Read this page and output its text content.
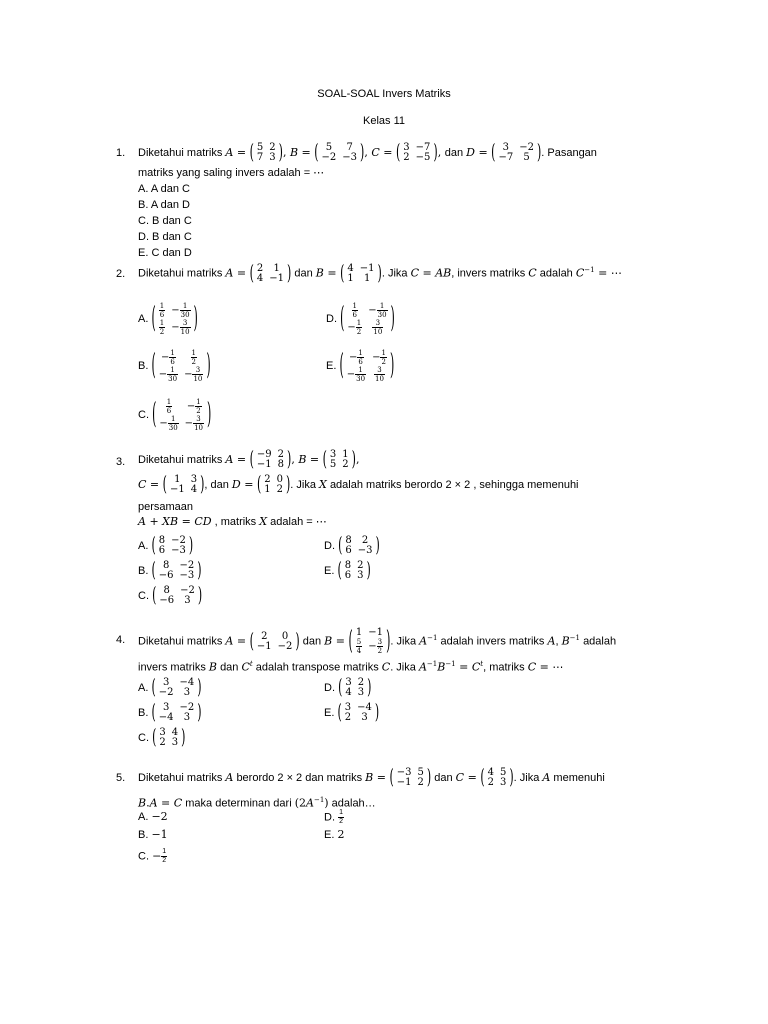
SOAL-SOAL Invers Matriks
Kelas 11
1.	Diketahui matriks A = ( 5	2
7	3 ), B = ( 5	7
−2	−3 ), C = ( 3	−7
2	−5 ), dan D = ( 3	−2
−7	5 ). Pasangan
matriks yang saling invers adalah = ⋯
A. A dan C
B. A dan D
C. B dan C
D. B dan C
E. C dan D
2.	Diketahui matriks A = ( 2	1
4	−1 ) dan B = ( 4	−1
1	1 ). Jika C = AB, invers matriks C adalah $C^{-1}$ = ⋯
A. ( $\frac{1}{6}$	− $\frac{1}{30}$

$\frac{1}{2}$	− $\frac{3}{10}$ )	D. ( $\frac{1}{6}$	− $\frac{1}{30}$

− $\frac{1}{2}$	$\frac{3}{10}$ )
B. ( − $\frac{1}{6}$	$\frac{1}{2}$

− $\frac{1}{30}$	− $\frac{3}{10}$ )	E. ( − $\frac{1}{6}$	− $\frac{1}{2}$

− $\frac{1}{30}$	$\frac{3}{10}$ )
C. ( $\frac{1}{6}$	− $\frac{1}{2}$

− $\frac{1}{30}$	− $\frac{3}{10}$ )
3.	Diketahui matriks A = ( −9	2
−1	8 ), B = ( 3	1
5	2 ),
C = ( 1	3
−1	4 ), dan D = ( 2	0
1	2 ). Jika X adalah matriks berordo 2 × 2 , sehingga memenuhi
persamaan
A + XB = CD , matriks X adalah = ⋯
A. ( 8	−2
6	−3 )
B. ( 8	−2
−6	−3 )
C. ( 8	−2
−6	3 )
D. ( 8	2
6	−3 )
E. ( 8	2
6	3 )
4.	Diketahui matriks A = ( 2	0
−1	−2 ) dan B = ( 1	−1

$\frac{5}{4}$	− $\frac{3}{2}$ ). Jika $A^{-1}$ adalah invers matriks A, $B^{-1}$ adalah
invers matriks B dan $C^t$ adalah transpose matriks C. Jika $A^{-1}B^{-1} = C^t$, matriks C = ⋯
A. ( 3	−4
−2	3 )
B. ( 3	−2
−4	3 )
C. ( 3	4
2	3 )
D. ( 3	2
4	3 )
E. ( 3	−4
2	3 )
5.	Diketahui matriks A berordo 2 × 2 dan matriks B = ( −3	5
−1	2 ) dan C = ( 4	5
2	3 ). Jika A memenuhi
B.A = C maka determinan dari $(2A^{-1})$ adalah…
A. −2
B. −1
C. − $\frac{1}{2}$
D. $\frac{1}{2}$
E. 2
